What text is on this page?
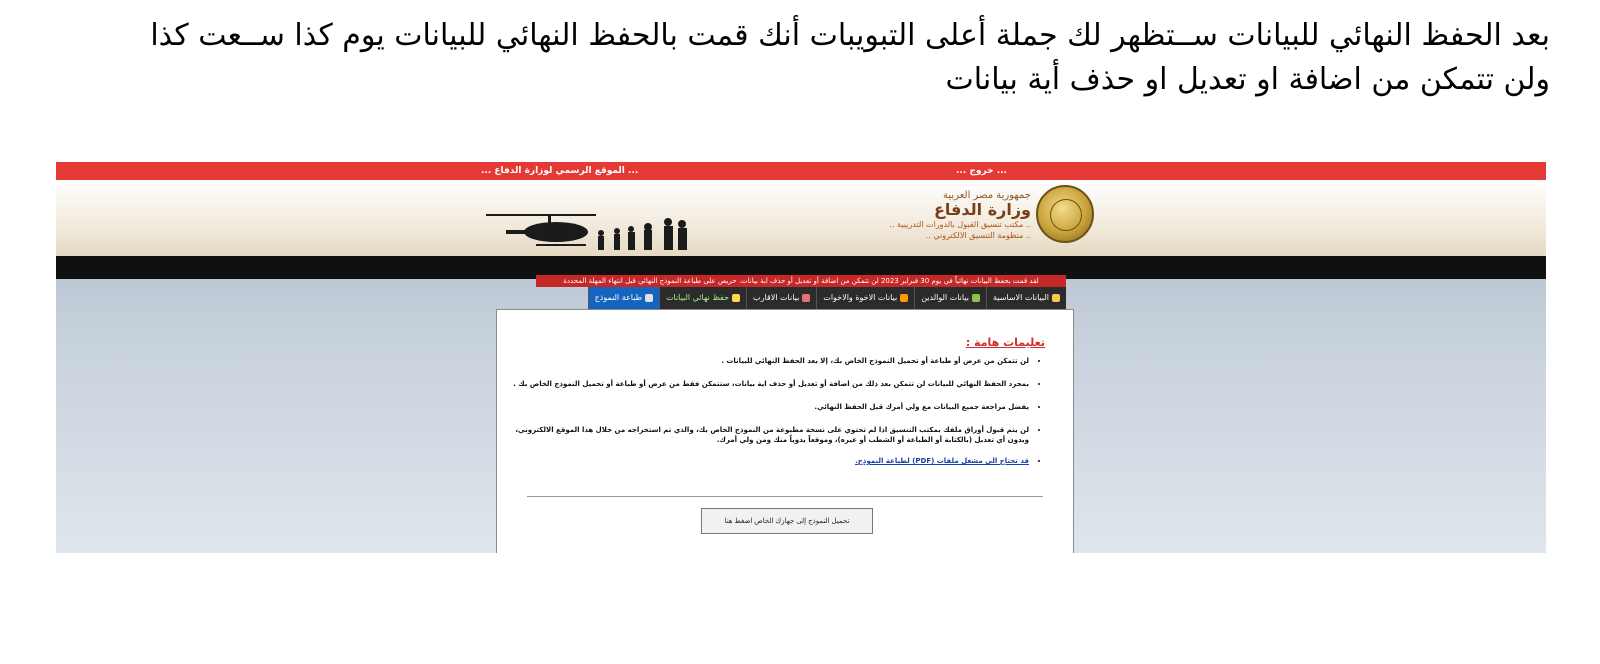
بعد الحفظ النهائي للبيانات ســتظهر لك جملة أعلى التبويبات أنك قمت بالحفظ النهائي للبيانات يوم كذا ســعت كذا
ولن تتمكن من اضافة او تعديل او حذف أية بيانات
... الموقع الرسمي لوزارة الدفاع ...	... خروج ...
جمهورية مصر العربية
وزارة الدفاع
.. مكتب تنسيق القبول بالدورات التدريبية ..
.. منظومة التنسيق الالكتروني ..
لقد قمت بحفظ البيانات نهائياً في يوم 30 فبراير 2023 لن تتمكن من اضافة أو تعديل أو حذف اية بيانات. حريص على طباعة النموذج النهائي قبل انتهاء المهلة المحددة
البيانات الاساسية
بيانات الوالدين
بيانات الاخوة والاخوات
بيانات الاقارب
حفظ نهائي البيانات
طباعة النموذج
تعليمات هامة :
• لن تتمكن من عرض أو طباعة أو تحميل النموذج الخاص بك، إلا بعد الحفظ النهائي للبيانات .
• بمجرد الحفظ النهائي للبيانات لن تتمكن بعد ذلك من اضافة أو تعديل أو حذف اية بيانات، ستتمكن فقط من عرض أو طباعة أو تحميل النموذج الخاص بك .
• يفضل مراجعة جميع البيانات مع ولي أمرك قبل الحفظ النهائي.
• لن يتم قبول أوراق ملفك بمكتب التنسيق اذا لم تحتوي على نسخة مطبوعة من النموذج الخاص بك، والذي تم استخراجه من خلال هذا الموقع الالكتروني، وبدون أي تعديل (بالكتابة أو الطباعة أو الشطب أو غيره)، وموقعاً يدوياً منك ومن ولي أمرك.
• قد تحتاج الى مشغل ملفات (PDF) لطباعة النموذج.
تحميل النموذج إلى جهازك الخاص اضغط هنا
